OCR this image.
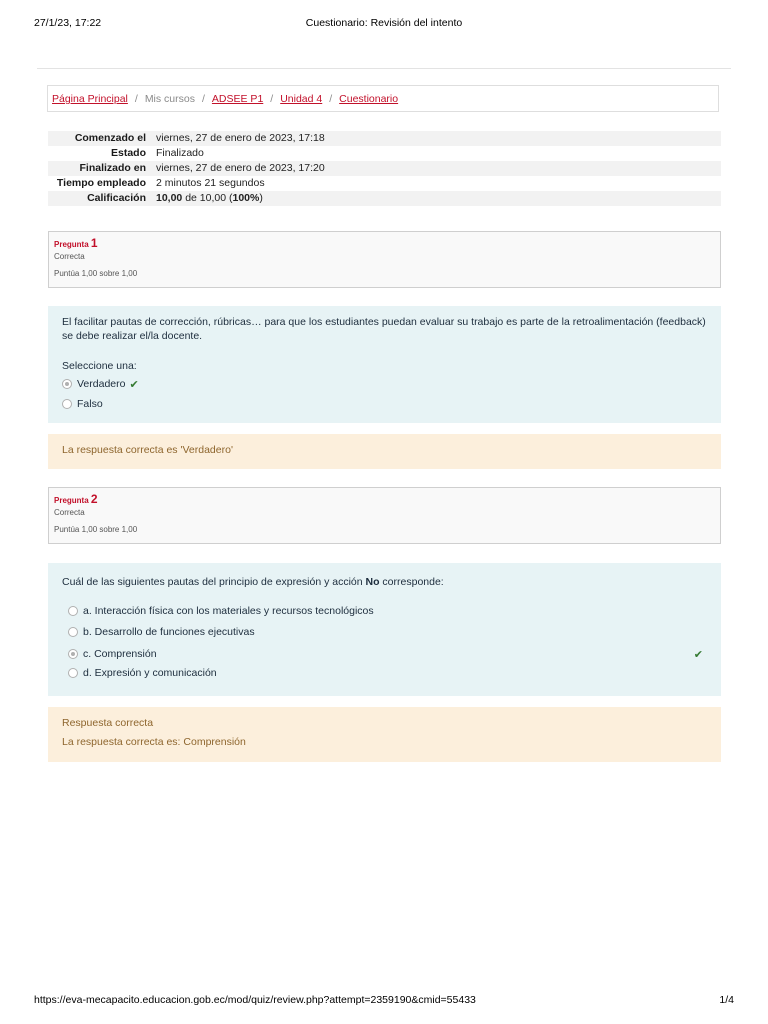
27/1/23, 17:22	Cuestionario: Revisión del intento
Página Principal / Mis cursos / ADSEE P1 / Unidad 4 / Cuestionario
Comenzado el viernes, 27 de enero de 2023, 17:18
Estado Finalizado
Finalizado en viernes, 27 de enero de 2023, 17:20
Tiempo empleado 2 minutos 21 segundos
Calificación 10,00 de 10,00 (100%)
Pregunta 1
Correcta
Puntúa 1,00 sobre 1,00

El facilitar pautas de corrección, rúbricas… para que los estudiantes puedan evaluar su trabajo es parte de la retroalimentación (feedback) se debe realizar el/la docente.

Seleccione una:

Verdadero ✔
Falso

La respuesta correcta es 'Verdadero'

Pregunta 2
Correcta
Puntúa 1,00 sobre 1,00

Cuál de las siguientes pautas del principio de expresión y acción No corresponde:

a. Interacción física con los materiales y recursos tecnológicos
b. Desarrollo de funciones ejecutivas
c. Comprensión	✔
d. Expresión y comunicación

Respuesta correcta

La respuesta correcta es: Comprensión

https://eva-mecapacito.educacion.gob.ec/mod/quiz/review.php?attempt=2359190&cmid=55433	1/4
